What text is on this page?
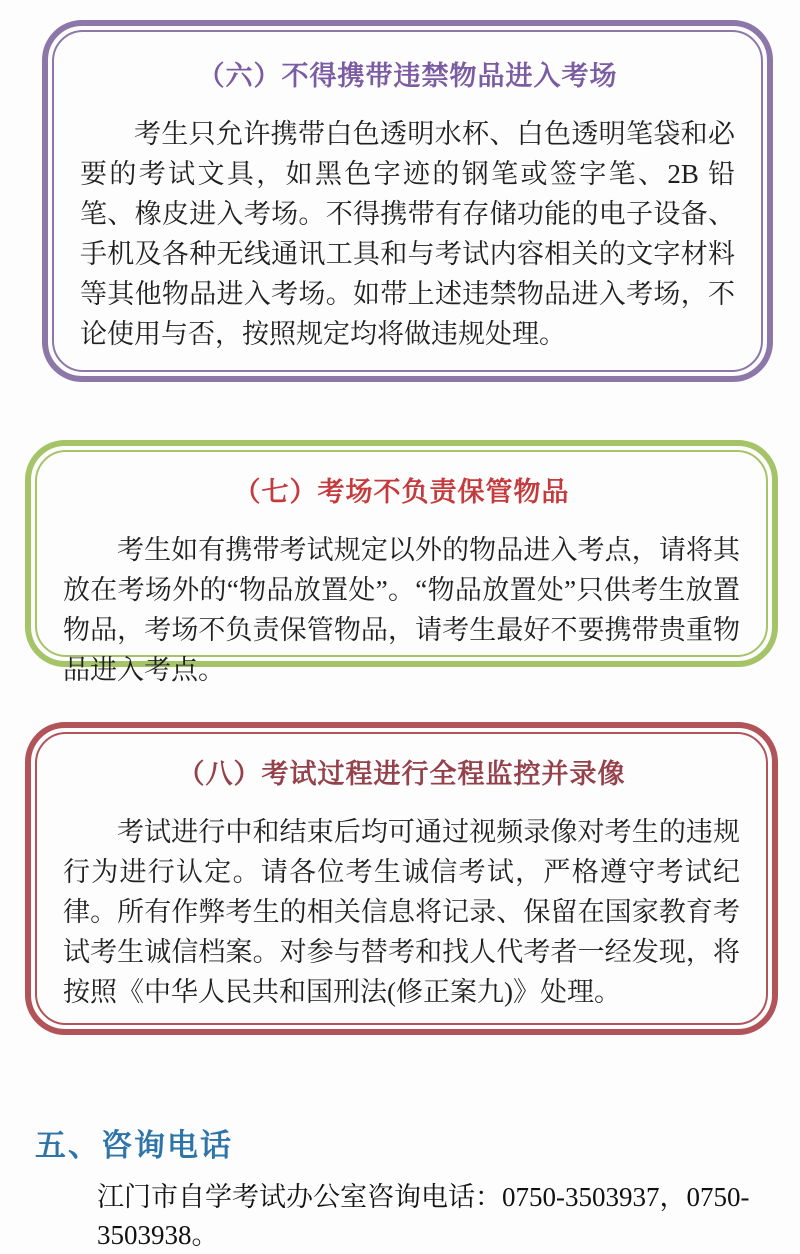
（六）不得携带违禁物品进入考场
考生只允许携带白色透明水杯、白色透明笔袋和必要的考试文具，如黑色字迹的钢笔或签字笔、2B 铅笔、橡皮进入考场。不得携带有存储功能的电子设备、手机及各种无线通讯工具和与考试内容相关的文字材料等其他物品进入考场。如带上述违禁物品进入考场，不论使用与否，按照规定均将做违规处理。
（七）考场不负责保管物品
考生如有携带考试规定以外的物品进入考点，请将其放在考场外的“物品放置处”。“物品放置处”只供考生放置物品，考场不负责保管物品，请考生最好不要携带贵重物品进入考点。
（八）考试过程进行全程监控并录像
考试进行中和结束后均可通过视频录像对考生的违规行为进行认定。请各位考生诚信考试，严格遵守考试纪律。所有作弊考生的相关信息将记录、保留在国家教育考试考生诚信档案。对参与替考和找人代考者一经发现，将按照《中华人民共和国刑法(修正案九)》处理。
五、咨询电话
江门市自学考试办公室咨询电话：0750-3503937，0750-3503938。
